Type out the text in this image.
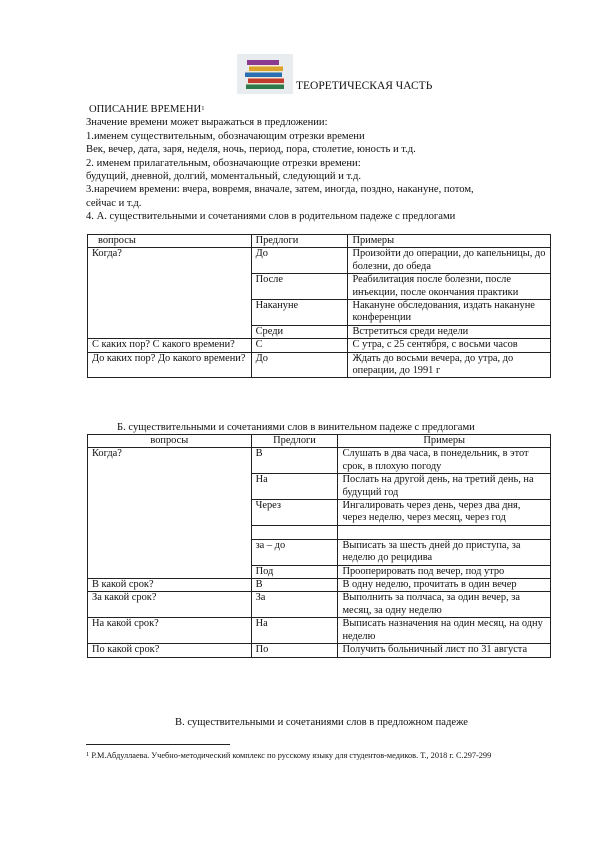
ТЕОРЕТИЧЕСКАЯ ЧАСТЬ

ОПИСАНИЕ ВРЕМЕНИ$^1$

Значение времени может выражаться в предложении:

1.именем существительным, обозначающим отрезки времени

Век, вечер, дата, заря, неделя, ночь, период, пора, столетие, юность и т.д.

2. именем прилагательным, обозначающие отрезки времени:

будущий, дневной, долгий, моментальный, следующий и т.д.

3.наречием времени: вчера, вовремя, вначале, затем, иногда, поздно, накануне, потом,

сейчас и т.д.

4. А. существительными и сочетаниями слов в родительном падеже с предлогами

вопросы	Предлоги	Примеры
Когда?	До	Произойти до операции, до капельницы, до болезни, до обеда
	После	Реабилитация после болезни, после инъекции, после окончания практики
	Накануне	Накануне обследования, издать накануне конференции
	Среди	Встретиться среди недели
С каких пор? С какого времени?	С	С утра, с 25 сентября, с восьми часов
До каких пор? До какого времени?	До	Ждать до восьми вечера, до утра, до операции, до 1991 г
Б. существительными и сочетаниями слов в винительном падеже с предлогами
вопросы	Предлоги	Примеры
Когда?	В	Слушать в два часа, в понедельник, в этот срок, в плохую погоду
	На	Послать на другой день, на третий день, на будущий год
	Через	Ингалировать через день, через два дня, через неделю, через месяц, через год

	за – до	Выписать за шесть дней до приступа, за неделю до рецидива
	Под	Прооперировать под вечер, под утро
В какой срок?	В	В одну неделю, прочитать в один вечер
За какой срок?	За	Выполнить за полчаса, за один вечер, за месяц, за одну неделю
На какой срок?	На	Выписать назначения на один месяц, на одну неделю
По какой срок?	По	Получить больничный лист по 31 августа
В. существительными и сочетаниями слов в предложном падеже
$^1$ Р.М.Абдуллаева. Учебно-методический комплекс по русскому языку для студентов-медиков. Т., 2018 г. С.297-299
